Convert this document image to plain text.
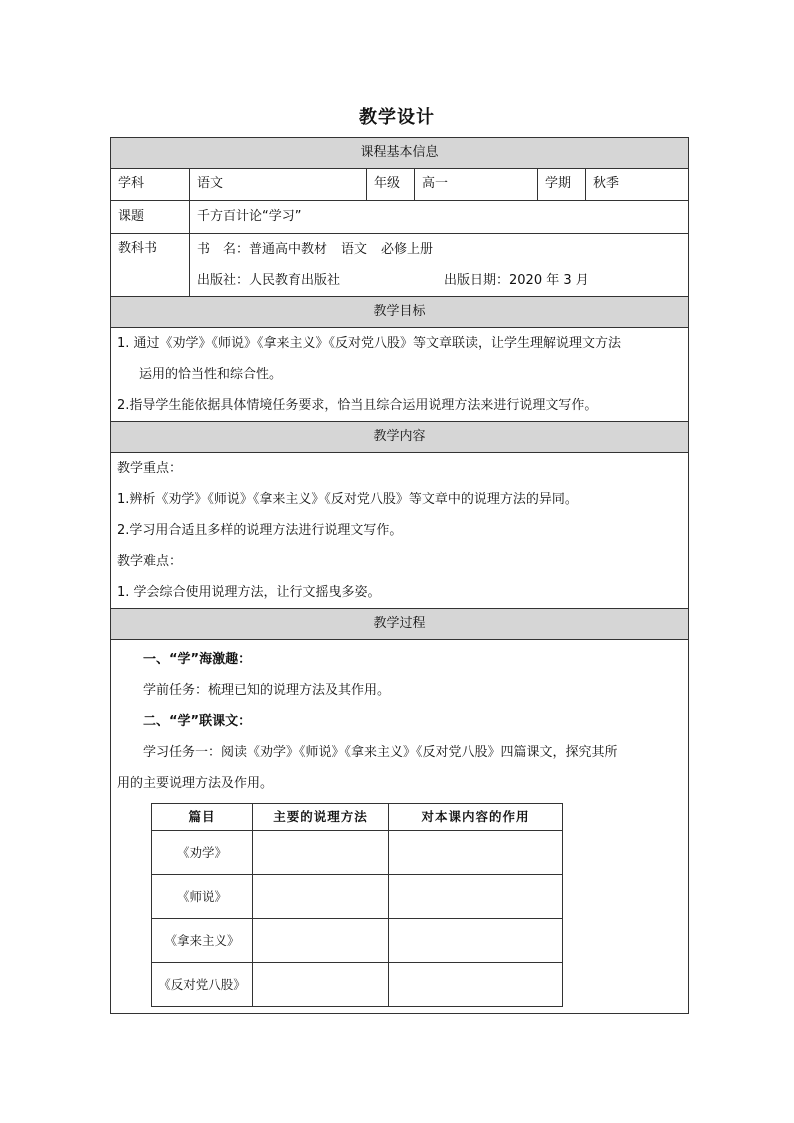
教学设计
课程基本信息
学科	语文	年级	高一	学期	秋季
课题	千方百计论“学习”
教科书	书　名：普通高中教材 语文 必修上册
出版社：人民教育出版社	出版日期：2020 年 3 月

教学目标

1. 通过《劝学》《师说》《拿来主义》《反对党八股》等文章联读，让学生理解说理文方法
运用的恰当性和综合性。
2.指导学生能依据具体情境任务要求，恰当且综合运用说理方法来进行说理文写作。

教学内容

教学重点：
1.辨析《劝学》《师说》《拿来主义》《反对党八股》等文章中的说理方法的异同。
2.学习用合适且多样的说理方法进行说理文写作。
教学难点：
1. 学会综合使用说理方法，让行文摇曳多姿。

教学过程

一、“学”海激趣：
学前任务：梳理已知的说理方法及其作用。
二、“学”联课文：
学习任务一：阅读《劝学》《师说》《拿来主义》《反对党八股》四篇课文，探究其所
用的主要说理方法及作用。
篇目	主要的说理方法	对本课内容的作用
《劝学》		
《师说》		
《拿来主义》		
《反对党八股》		
